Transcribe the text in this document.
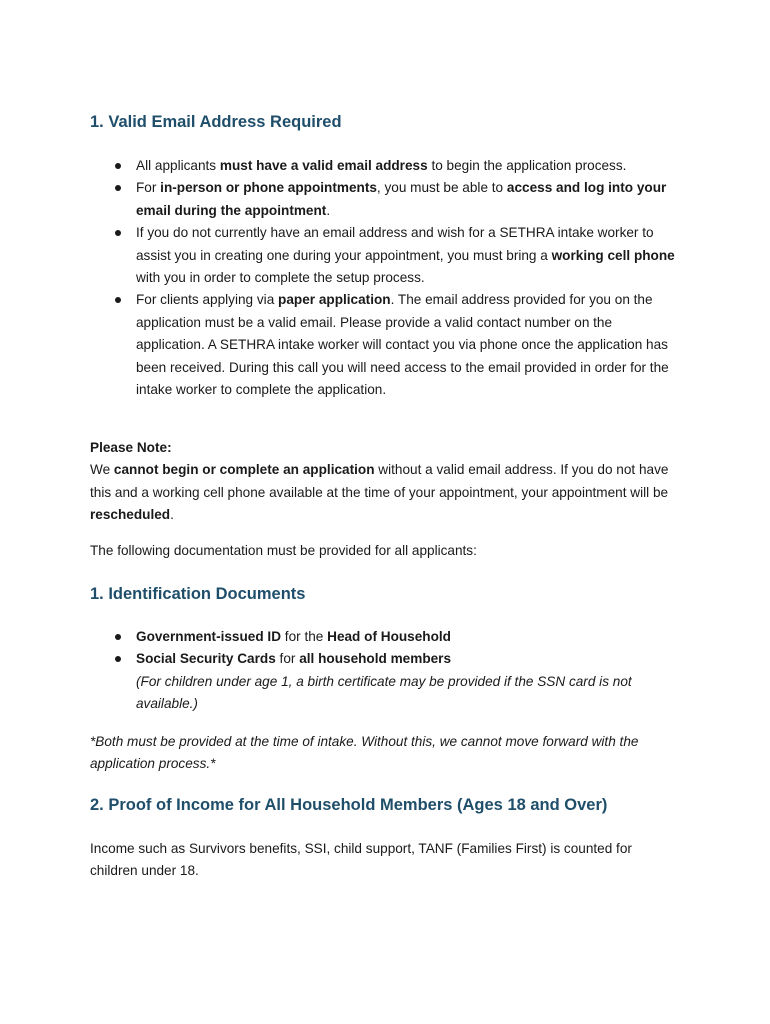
1. Valid Email Address Required
All applicants must have a valid email address to begin the application process.
For in-person or phone appointments, you must be able to access and log into your email during the appointment.
If you do not currently have an email address and wish for a SETHRA intake worker to assist you in creating one during your appointment, you must bring a working cell phone with you in order to complete the setup process.
For clients applying via paper application. The email address provided for you on the application must be a valid email. Please provide a valid contact number on the application. A SETHRA intake worker will contact you via phone once the application has been received. During this call you will need access to the email provided in order for the intake worker to complete the application.

Please Note:
We cannot begin or complete an application without a valid email address. If you do not have this and a working cell phone available at the time of your appointment, your appointment will be rescheduled.

The following documentation must be provided for all applicants:

1. Identification Documents
Government-issued ID for the Head of Household
Social Security Cards for all household members
(For children under age 1, a birth certificate may be provided if the SSN card is not available.)

*Both must be provided at the time of intake. Without this, we cannot move forward with the application process.*

2. Proof of Income for All Household Members (Ages 18 and Over)

Income such as Survivors benefits, SSI, child support, TANF (Families First) is counted for children under 18.
